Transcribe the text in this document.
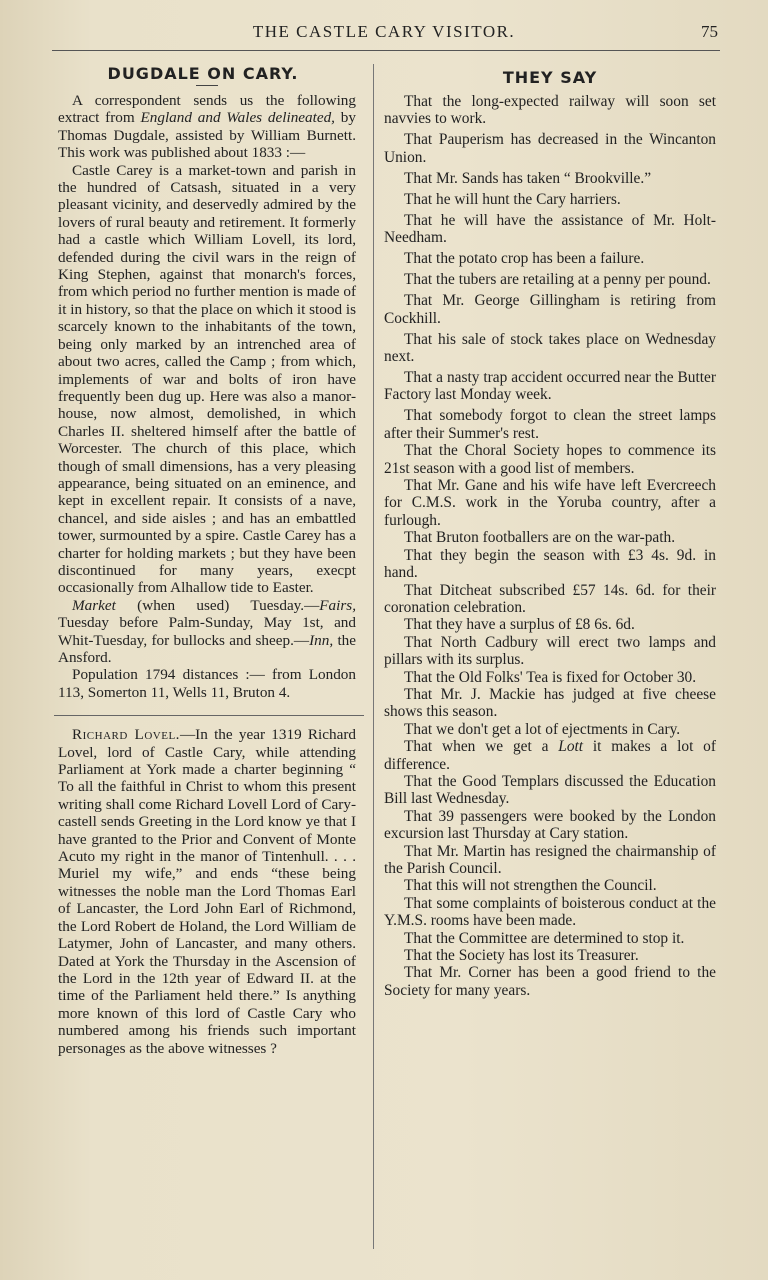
THE CASTLE CARY VISITOR.	75
DUGDALE ON CARY.

A correspondent sends us the following extract from England and Wales delineated, by Thomas Dugdale, assisted by William Burnett. This work was published about 1833 :—

Castle Carey is a market-town and parish in the hundred of Catsash, situated in a very pleasant vicinity, and deservedly admired by the lovers of rural beauty and retirement. It formerly had a castle which William Lovell, its lord, defended during the civil wars in the reign of King Stephen, against that monarch's forces, from which period no further mention is made of it in history, so that the place on which it stood is scarcely known to the inhabitants of the town, being only marked by an intrenched area of about two acres, called the Camp ; from which, implements of war and bolts of iron have frequently been dug up. Here was also a manor-house, now almost, demolished, in which Charles II. sheltered himself after the battle of Worcester. The church of this place, which though of small dimensions, has a very pleasing appearance, being situated on an eminence, and kept in excellent repair. It consists of a nave, chancel, and side aisles ; and has an embattled tower, surmounted by a spire. Castle Carey has a charter for holding markets ; but they have been discontinued for many years, execpt occasionally from Alhallow tide to Easter.

Market (when used) Tuesday.—Fairs, Tuesday before Palm-Sunday, May 1st, and Whit-Tuesday, for bullocks and sheep.—Inn, the Ansford.

Population 1794 distances :— from London 113, Somerton 11, Wells 11, Bruton 4.

Richard Lovel.—In the year 1319 Richard Lovel, lord of Castle Cary, while attending Parliament at York made a charter beginning “ To all the faithful in Christ to whom this present writing shall come Richard Lovell Lord of Cary-castell sends Greeting in the Lord know ye that I have granted to the Prior and Convent of Monte Acuto my right in the manor of Tintenhull. . . . Muriel my wife,” and ends “these being witnesses the noble man the Lord Thomas Earl of Lancaster, the Lord John Earl of Richmond, the Lord Robert de Holand, the Lord William de Latymer, John of Lancaster, and many others. Dated at York the Thursday in the Ascension of the Lord in the 12th year of Edward II. at the time of the Parliament held there.” Is anything more known of this lord of Castle Cary who numbered among his friends such important personages as the above witnesses ?

THEY SAY

That the long-expected railway will soon set navvies to work.

That Pauperism has decreased in the Wincanton Union.

That Mr. Sands has taken “ Brookville.”

That he will hunt the Cary harriers.

That he will have the assistance of Mr. Holt-Needham.

That the potato crop has been a failure.

That the tubers are retailing at a penny per pound.

That Mr. George Gillingham is retiring from Cockhill.

That his sale of stock takes place on Wednesday next.

That a nasty trap accident occurred near the Butter Factory last Monday week.

That somebody forgot to clean the street lamps after their Summer's rest.

That the Choral Society hopes to commence its 21st season with a good list of members.

That Mr. Gane and his wife have left Evercreech for C.M.S. work in the Yoruba country, after a furlough.

That Bruton footballers are on the war-path.

That they begin the season with £3 4s. 9d. in hand.

That Ditcheat subscribed £57 14s. 6d. for their coronation celebration.

That they have a surplus of £8 6s. 6d.

That North Cadbury will erect two lamps and pillars with its surplus.

That the Old Folks' Tea is fixed for October 30.

That Mr. J. Mackie has judged at five cheese shows this season.

That we don't get a lot of ejectments in Cary.

That when we get a Lott it makes a lot of difference.

That the Good Templars discussed the Education Bill last Wednesday.

That 39 passengers were booked by the London excursion last Thursday at Cary station.

That Mr. Martin has resigned the chairmanship of the Parish Council.

That this will not strengthen the Council.

That some complaints of boisterous conduct at the Y.M.S. rooms have been made.

That the Committee are determined to stop it.

That the Society has lost its Treasurer.

That Mr. Corner has been a good friend to the Society for many years.
